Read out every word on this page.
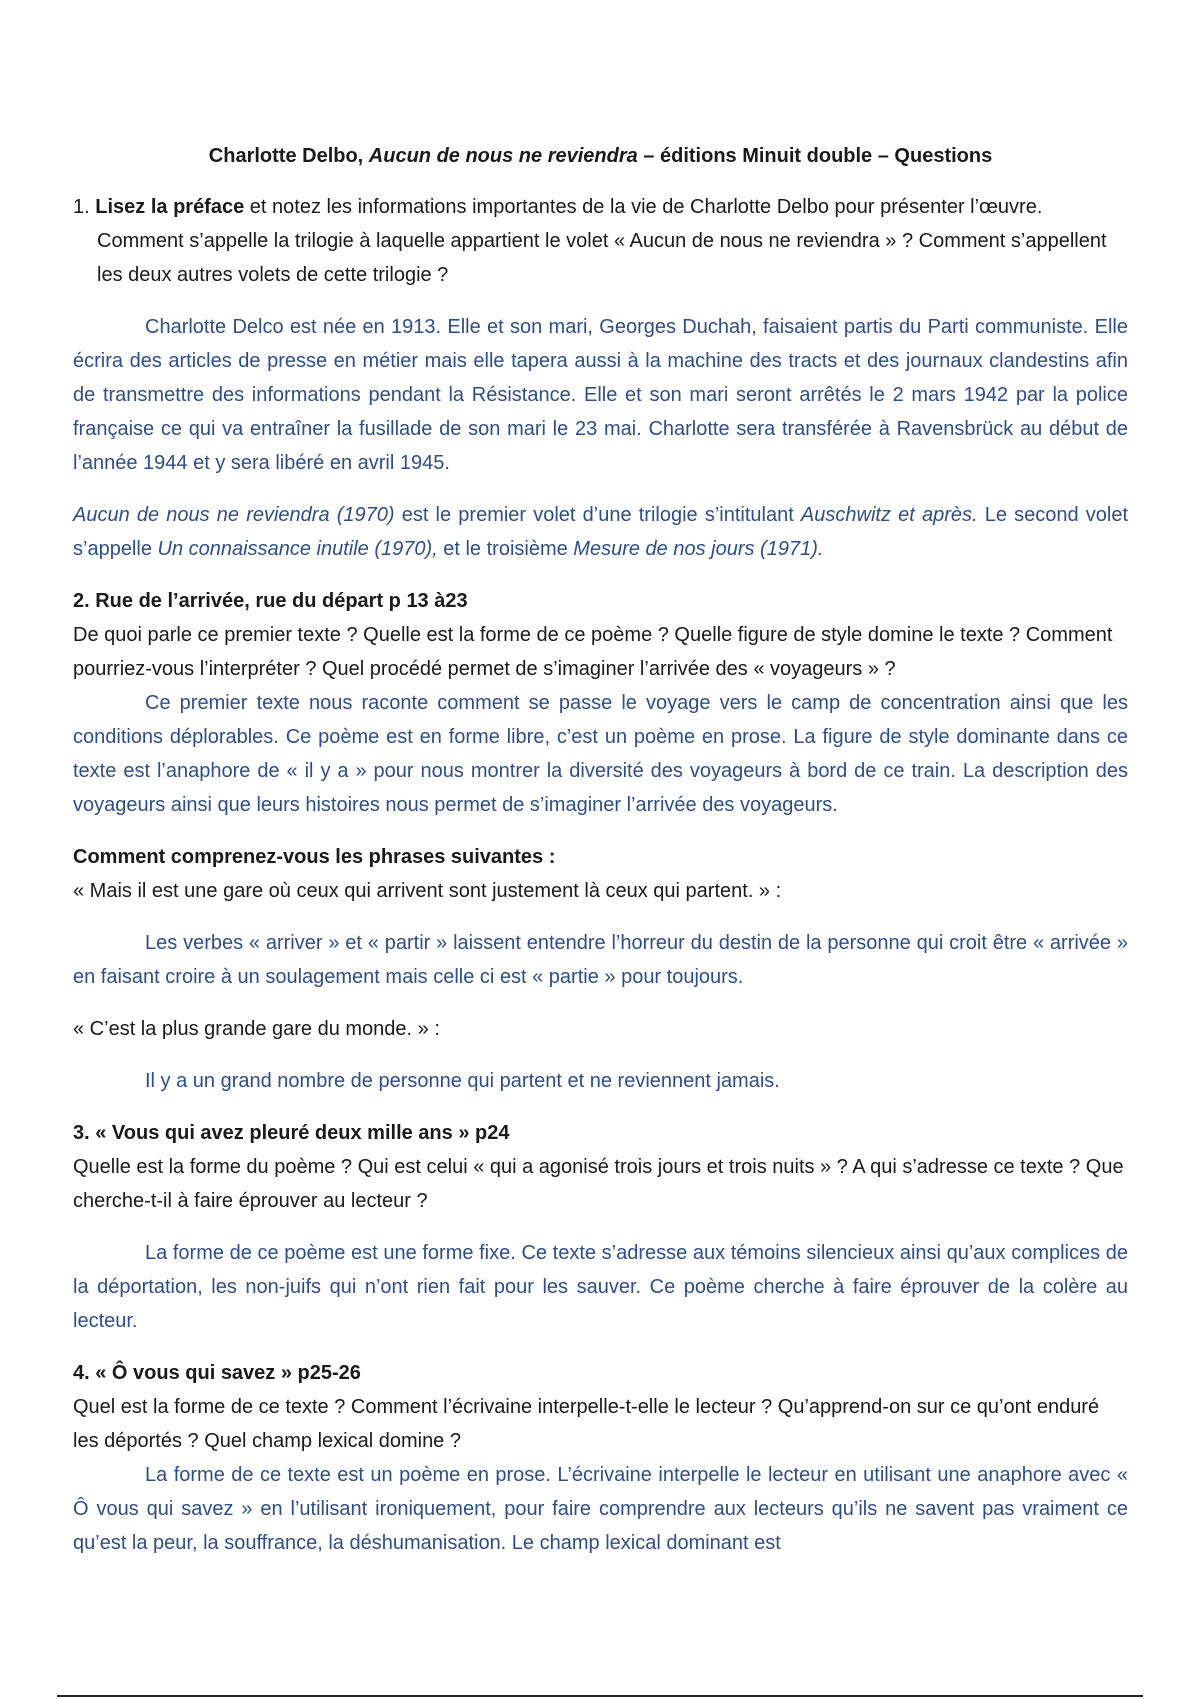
Charlotte Delbo, Aucun de nous ne reviendra – éditions Minuit double – Questions

1. Lisez la préface et notez les informations importantes de la vie de Charlotte Delbo pour présenter l’œuvre. Comment s’appelle la trilogie à laquelle appartient le volet « Aucun de nous ne reviendra » ? Comment s’appellent les deux autres volets de cette trilogie ?

Charlotte Delco est née en 1913. Elle et son mari, Georges Duchah, faisaient partis du Parti communiste. Elle écrira des articles de presse en métier mais elle tapera aussi à la machine des tracts et des journaux clandestins afin de transmettre des informations pendant la Résistance. Elle et son mari seront arrêtés le 2 mars 1942 par la police française ce qui va entraîner la fusillade de son mari le 23 mai. Charlotte sera transférée à Ravensbrück au début de l’année 1944 et y sera libéré en avril 1945.

Aucun de nous ne reviendra (1970) est le premier volet d’une trilogie s’intitulant Auschwitz et après. Le second volet s’appelle Un connaissance inutile (1970), et le troisième Mesure de nos jours (1971).

2. Rue de l’arrivée, rue du départ p 13 à23

De quoi parle ce premier texte ? Quelle est la forme de ce poème ? Quelle figure de style domine le texte ? Comment pourriez-vous l’interpréter ? Quel procédé permet de s’imaginer l’arrivée des « voyageurs » ?

Ce premier texte nous raconte comment se passe le voyage vers le camp de concentration ainsi que les conditions déplorables. Ce poème est en forme libre, c’est un poème en prose. La figure de style dominante dans ce texte est l’anaphore de « il y a » pour nous montrer la diversité des voyageurs à bord de ce train. La description des voyageurs ainsi que leurs histoires nous permet de s’imaginer l’arrivée des voyageurs.

Comment comprenez-vous les phrases suivantes :

« Mais il est une gare où ceux qui arrivent sont justement là ceux qui partent. » :

Les verbes « arriver » et « partir » laissent entendre l’horreur du destin de la personne qui croit être « arrivée » en faisant croire à un soulagement mais celle ci est « partie » pour toujours.

« C’est la plus grande gare du monde. » :

Il y a un grand nombre de personne qui partent et ne reviennent jamais.

3. « Vous qui avez pleuré deux mille ans » p24

Quelle est la forme du poème ? Qui est celui « qui a agonisé trois jours et trois nuits » ? A qui s’adresse ce texte ? Que cherche-t-il à faire éprouver au lecteur ?

La forme de ce poème est une forme fixe. Ce texte s’adresse aux témoins silencieux ainsi qu’aux complices de la déportation, les non-juifs qui n’ont rien fait pour les sauver. Ce poème cherche à faire éprouver de la colère au lecteur.

4. « Ô vous qui savez » p25-26

Quel est la forme de ce texte ? Comment l’écrivaine interpelle-t-elle le lecteur ? Qu’apprend-on sur ce qu’ont enduré les déportés ? Quel champ lexical domine ?

La forme de ce texte est un poème en prose. L’écrivaine interpelle le lecteur en utilisant une anaphore avec « Ô vous qui savez » en l’utilisant ironiquement, pour faire comprendre aux lecteurs qu’ils ne savent pas vraiment ce qu’est la peur, la souffrance, la déshumanisation. Le champ lexical dominant est
